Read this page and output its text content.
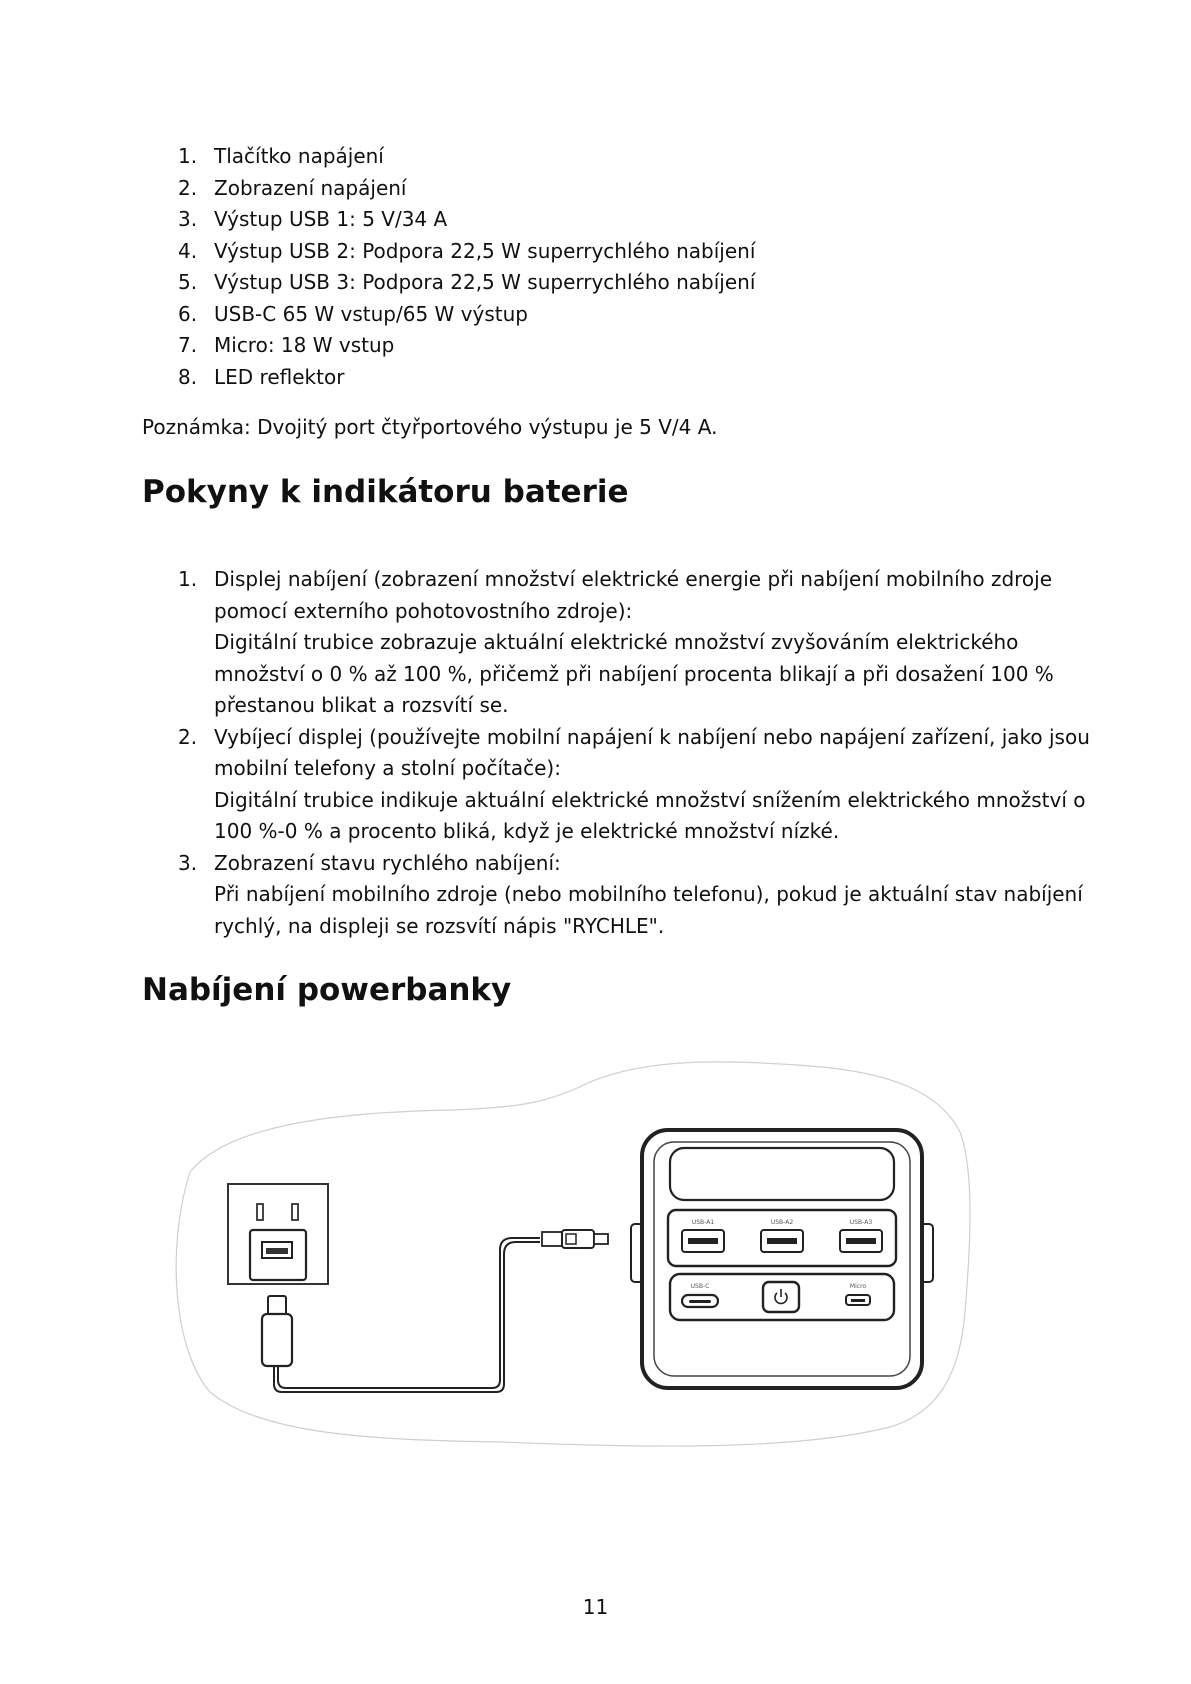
1. Tlačítko napájení
2. Zobrazení napájení
3. Výstup USB 1: 5 V/34 A
4. Výstup USB 2: Podpora 22,5 W superrychlého nabíjení
5. Výstup USB 3: Podpora 22,5 W superrychlého nabíjení
6. USB-C 65 W vstup/65 W výstup
7. Micro: 18 W vstup
8. LED reflektor

Poznámka: Dvojitý port čtyřportového výstupu je 5 V/4 A.

Pokyny k indikátoru baterie
1. Displej nabíjení (zobrazení množství elektrické energie při nabíjení mobilního zdroje pomocí externího pohotovostního zdroje):
Digitální trubice zobrazuje aktuální elektrické množství zvyšováním elektrického množství o 0 % až 100 %, přičemž při nabíjení procenta blikají a při dosažení 100 % přestanou blikat a rozsvítí se.
2. Vybíjecí displej (používejte mobilní napájení k nabíjení nebo napájení zařízení, jako jsou mobilní telefony a stolní počítače):
Digitální trubice indikuje aktuální elektrické množství snížením elektrického množství o 100 %-0 % a procento bliká, když je elektrické množství nízké.
3. Zobrazení stavu rychlého nabíjení:
Při nabíjení mobilního zdroje (nebo mobilního telefonu), pokud je aktuální stav nabíjení rychlý, na displeji se rozsvítí nápis "RYCHLE".
Nabíjení powerbanky
USB-A1	USB-A2	USB-A3
USB-C	Micro
11
